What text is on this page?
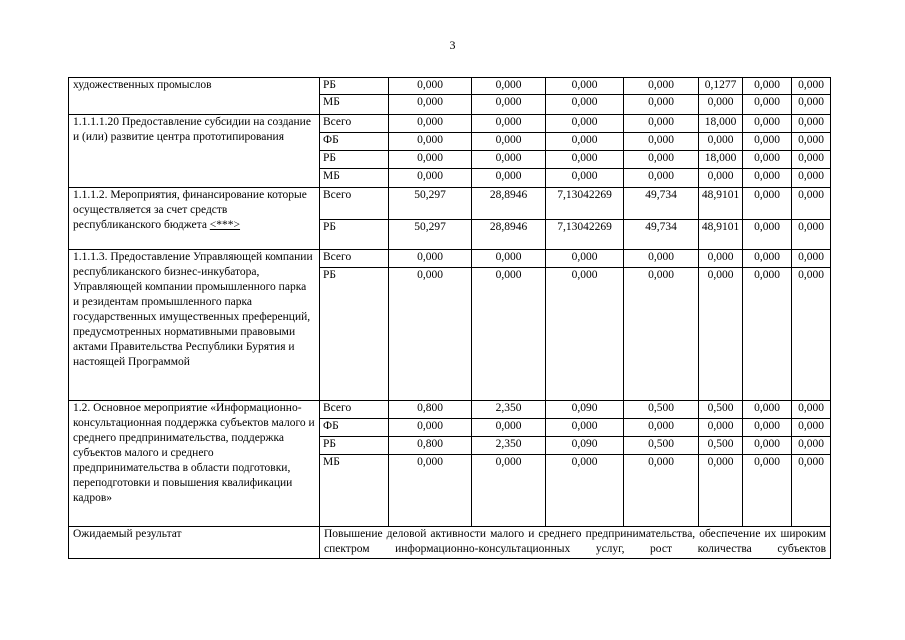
3
художественных промыслов	РБ	0,000	0,000	0,000	0,000	0,1277	0,000	0,000
	МБ	0,000	0,000	0,000	0,000	0,000	0,000	0,000
1.1.1.1.20 Предоставление субсидии на создание и (или) развитие центра прототипирования	Всего	0,000	0,000	0,000	0,000	18,000	0,000	0,000
	ФБ	0,000	0,000	0,000	0,000	0,000	0,000	0,000
	РБ	0,000	0,000	0,000	0,000	18,000	0,000	0,000
	МБ	0,000	0,000	0,000	0,000	0,000	0,000	0,000
1.1.1.2. Мероприятия, финансирование которые осуществляется за счет средств республиканского бюджета <***>	Всего	50,297	28,8946	7,13042269	49,734	48,9101	0,000	0,000
	РБ	50,297	28,8946	7,13042269	49,734	48,9101	0,000	0,000
1.1.1.3. Предоставление Управляющей компании республиканского бизнес-инкубатора, Управляющей компании промышленного парка и резидентам промышленного парка государственных имущественных преференций, предусмотренных нормативными правовыми актами Правительства Республики Бурятия и настоящей Программой	Всего	0,000	0,000	0,000	0,000	0,000	0,000	0,000
	РБ	0,000	0,000	0,000	0,000	0,000	0,000	0,000
1.2. Основное мероприятие «Информационно-консультационная поддержка субъектов малого и среднего предпринимательства, поддержка субъектов малого и среднего предпринимательства в области подготовки, переподготовки и повышения квалификации кадров»	Всего	0,800	2,350	0,090	0,500	0,500	0,000	0,000
	ФБ	0,000	0,000	0,000	0,000	0,000	0,000	0,000
	РБ	0,800	2,350	0,090	0,500	0,500	0,000	0,000
	МБ	0,000	0,000	0,000	0,000	0,000	0,000	0,000
Ожидаемый результат	Повышение деловой активности малого и среднего предпринимательства, обеспечение их широким спектром информационно-консультационных услуг, рост количества субъектов							
